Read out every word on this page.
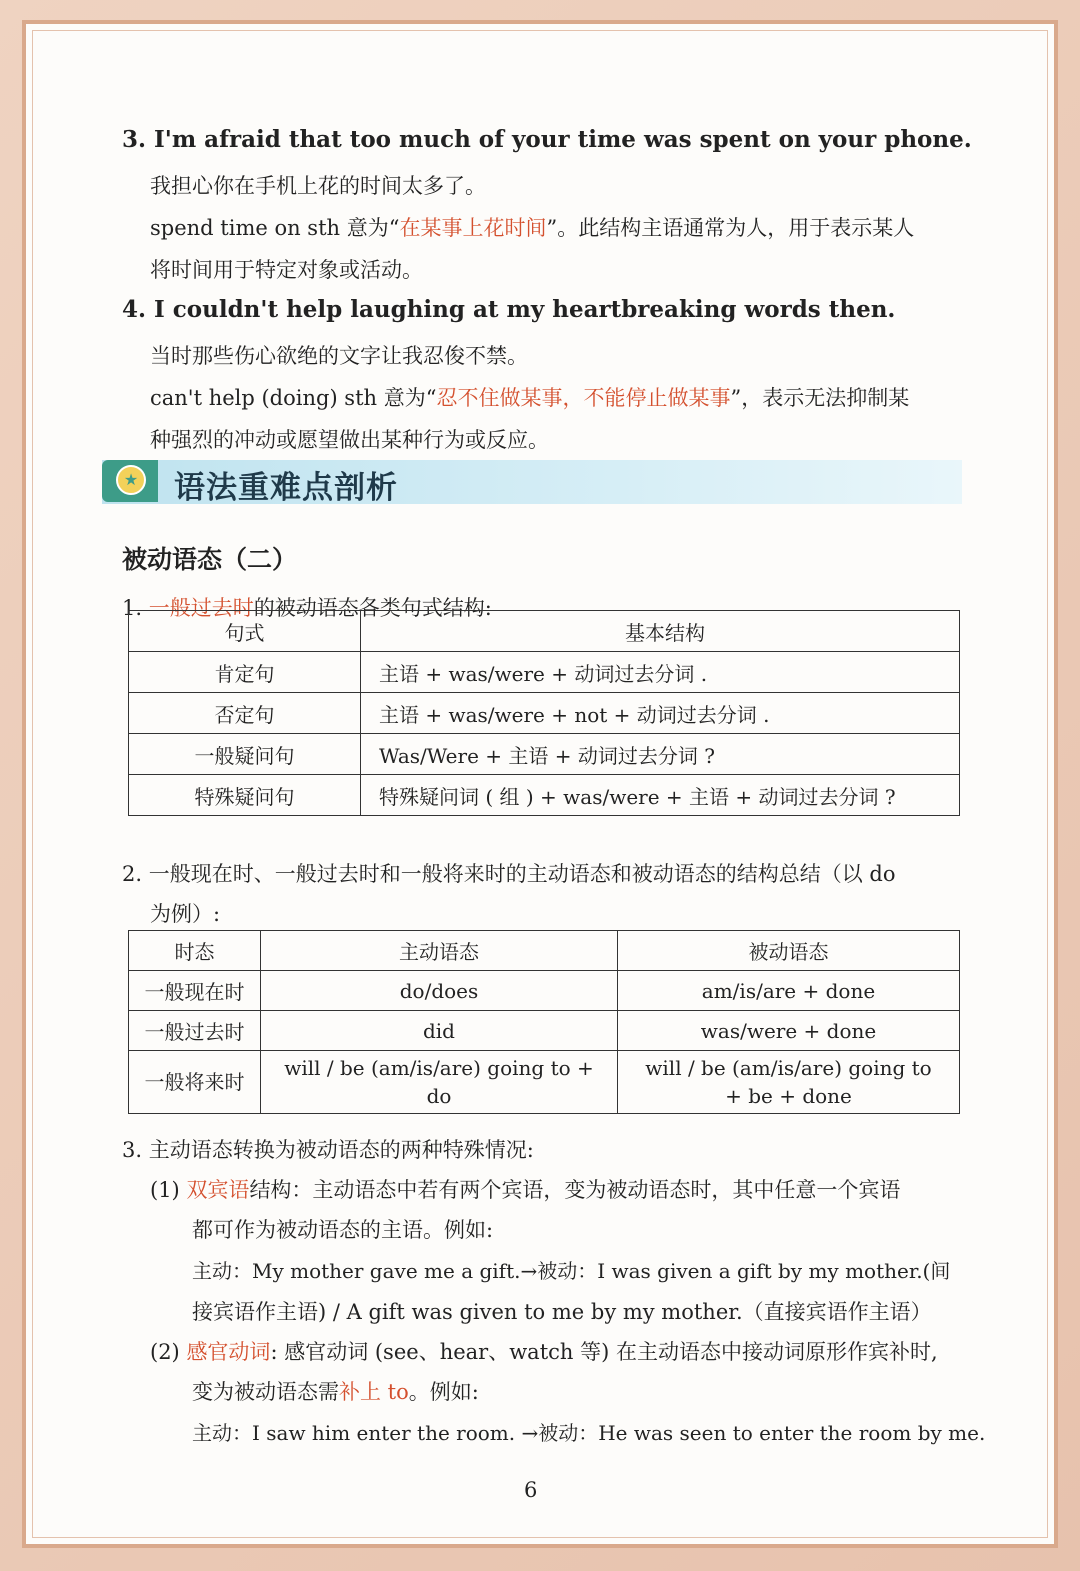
3. I'm afraid that too much of your time was spent on your phone.
我担心你在手机上花的时间太多了。
spend time on sth 意为“在某事上花时间”。此结构主语通常为人，用于表示某人
将时间用于特定对象或活动。
4. I couldn't help laughing at my heartbreaking words then.
当时那些伤心欲绝的文字让我忍俊不禁。
can't help (doing) sth 意为“忍不住做某事，不能停止做某事”，表示无法抑制某
种强烈的冲动或愿望做出某种行为或反应。
★ 语法重难点剖析
被动语态（二）
1. 一般过去时的被动语态各类句式结构:
句式	基本结构
肯定句	主语 + was/were + 动词过去分词 .
否定句	主语 + was/were + not + 动词过去分词 .
一般疑问句	Was/Were + 主语 + 动词过去分词 ?
特殊疑问句	特殊疑问词 ( 组 ) + was/were + 主语 + 动词过去分词 ?
2. 一般现在时、一般过去时和一般将来时的主动语态和被动语态的结构总结（以 do
为例）:
时态	主动语态	被动语态
一般现在时	do/does	am/is/are + done
一般过去时	did	was/were + done
一般将来时	will / be (am/is/are) going to + do	will / be (am/is/are) going to + be + done
3. 主动语态转换为被动语态的两种特殊情况:
(1) 双宾语结构：主动语态中若有两个宾语，变为被动语态时，其中任意一个宾语
都可作为被动语态的主语。例如:
主动：My mother gave me a gift.→被动：I was given a gift by my mother.(间
接宾语作主语) / A gift was given to me by my mother.（直接宾语作主语）
(2) 感官动词: 感官动词 (see、hear、watch 等) 在主动语态中接动词原形作宾补时,
变为被动语态需补上 to。例如:
主动：I saw him enter the room. →被动：He was seen to enter the room by me.
6
